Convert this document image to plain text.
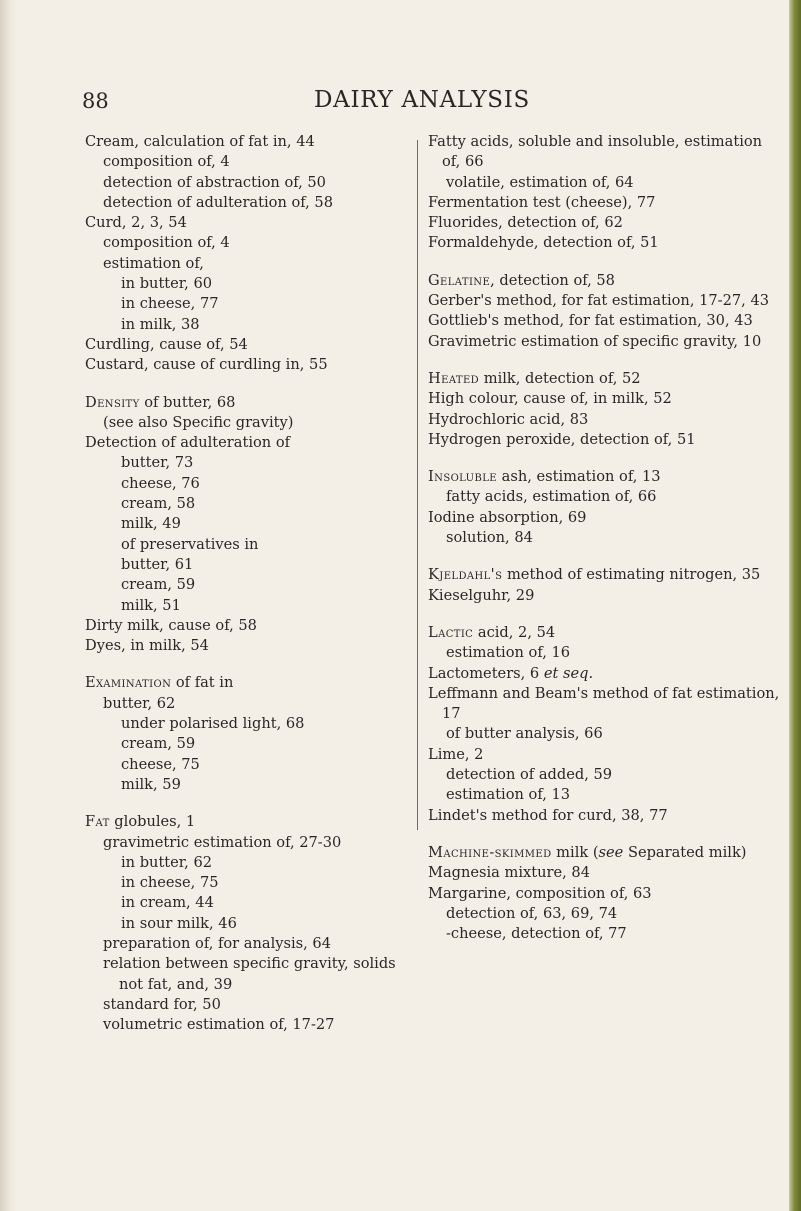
88	DAIRY ANALYSIS
Cream, calculation of fat in, 44
composition of, 4
detection of abstraction of, 50
detection of adulteration of, 58
Curd, 2, 3, 54
composition of, 4
estimation of,
in butter, 60
in cheese, 77
in milk, 38
Curdling, cause of, 54
Custard, cause of curdling in, 55
Density of butter, 68
(see also Specific gravity)
Detection of adulteration of
butter, 73
cheese, 76
cream, 58
milk, 49
of preservatives in
butter, 61
cream, 59
milk, 51
Dirty milk, cause of, 58
Dyes, in milk, 54
Examination of fat in
butter, 62
under polarised light, 68
cream, 59
cheese, 75
milk, 59
Fat globules, 1
gravimetric estimation of, 27-30
in butter, 62
in cheese, 75
in cream, 44
in sour milk, 46
preparation of, for analysis, 64
relation between specific gravity, solids not fat, and, 39
standard for, 50
volumetric estimation of, 17-27
Fatty acids, soluble and insoluble, estimation of, 66
volatile, estimation of, 64
Fermentation test (cheese), 77
Fluorides, detection of, 62
Formaldehyde, detection of, 51
Gelatine, detection of, 58
Gerber's method, for fat estimation, 17-27, 43
Gottlieb's method, for fat estimation, 30, 43
Gravimetric estimation of specific gravity, 10
Heated milk, detection of, 52
High colour, cause of, in milk, 52
Hydrochloric acid, 83
Hydrogen peroxide, detection of, 51
Insoluble ash, estimation of, 13
fatty acids, estimation of, 66
Iodine absorption, 69
solution, 84
Kjeldahl's method of estimating nitrogen, 35
Kieselguhr, 29
Lactic acid, 2, 54
estimation of, 16
Lactometers, 6 et seq.
Leffmann and Beam's method of fat estimation, 17
of butter analysis, 66
Lime, 2
detection of added, 59
estimation of, 13
Lindet's method for curd, 38, 77
Machine-skimmed milk (see Separated milk)
Magnesia mixture, 84
Margarine, composition of, 63
detection of, 63, 69, 74
-cheese, detection of, 77
